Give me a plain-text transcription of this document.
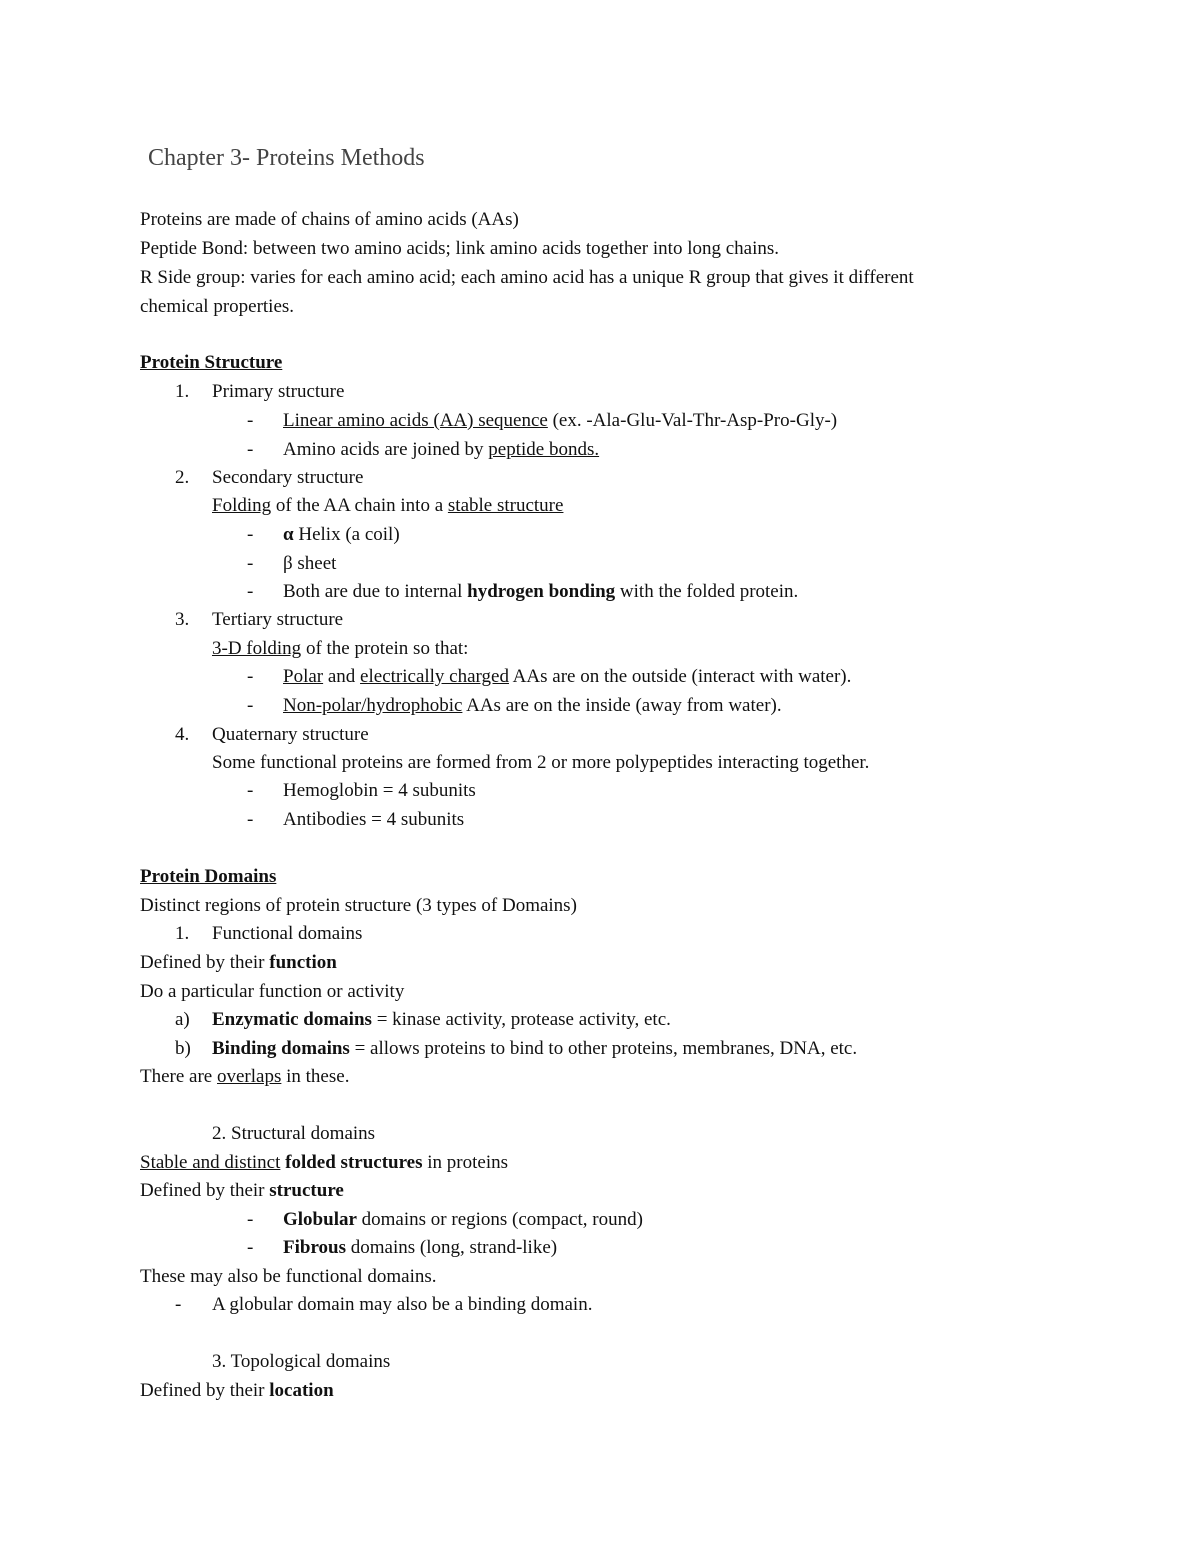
Chapter 3- Proteins Methods
Proteins are made of chains of amino acids (AAs)
Peptide Bond: between two amino acids; link amino acids together into long chains.
R Side group: varies for each amino acid; each amino acid has a unique R group that gives it different
chemical properties.
Protein Structure
1. Primary structure
- Linear amino acids (AA) sequence (ex. -Ala-Glu-Val-Thr-Asp-Pro-Gly-)
- Amino acids are joined by peptide bonds.
2. Secondary structure
Folding of the AA chain into a stable structure
- α Helix (a coil)
- β sheet
- Both are due to internal hydrogen bonding with the folded protein.
3. Tertiary structure
3-D folding of the protein so that:
- Polar and electrically charged AAs are on the outside (interact with water).
- Non-polar/hydrophobic AAs are on the inside (away from water).
4. Quaternary structure
Some functional proteins are formed from 2 or more polypeptides interacting together.
- Hemoglobin = 4 subunits
- Antibodies = 4 subunits
Protein Domains
Distinct regions of protein structure (3 types of Domains)
1. Functional domains
Defined by their function
Do a particular function or activity
a) Enzymatic domains = kinase activity, protease activity, etc.
b) Binding domains = allows proteins to bind to other proteins, membranes, DNA, etc.
There are overlaps in these.
2. Structural domains
Stable and distinct folded structures in proteins
Defined by their structure
- Globular domains or regions (compact, round)
- Fibrous domains (long, strand-like)
These may also be functional domains.
- A globular domain may also be a binding domain.
3. Topological domains
Defined by their location
